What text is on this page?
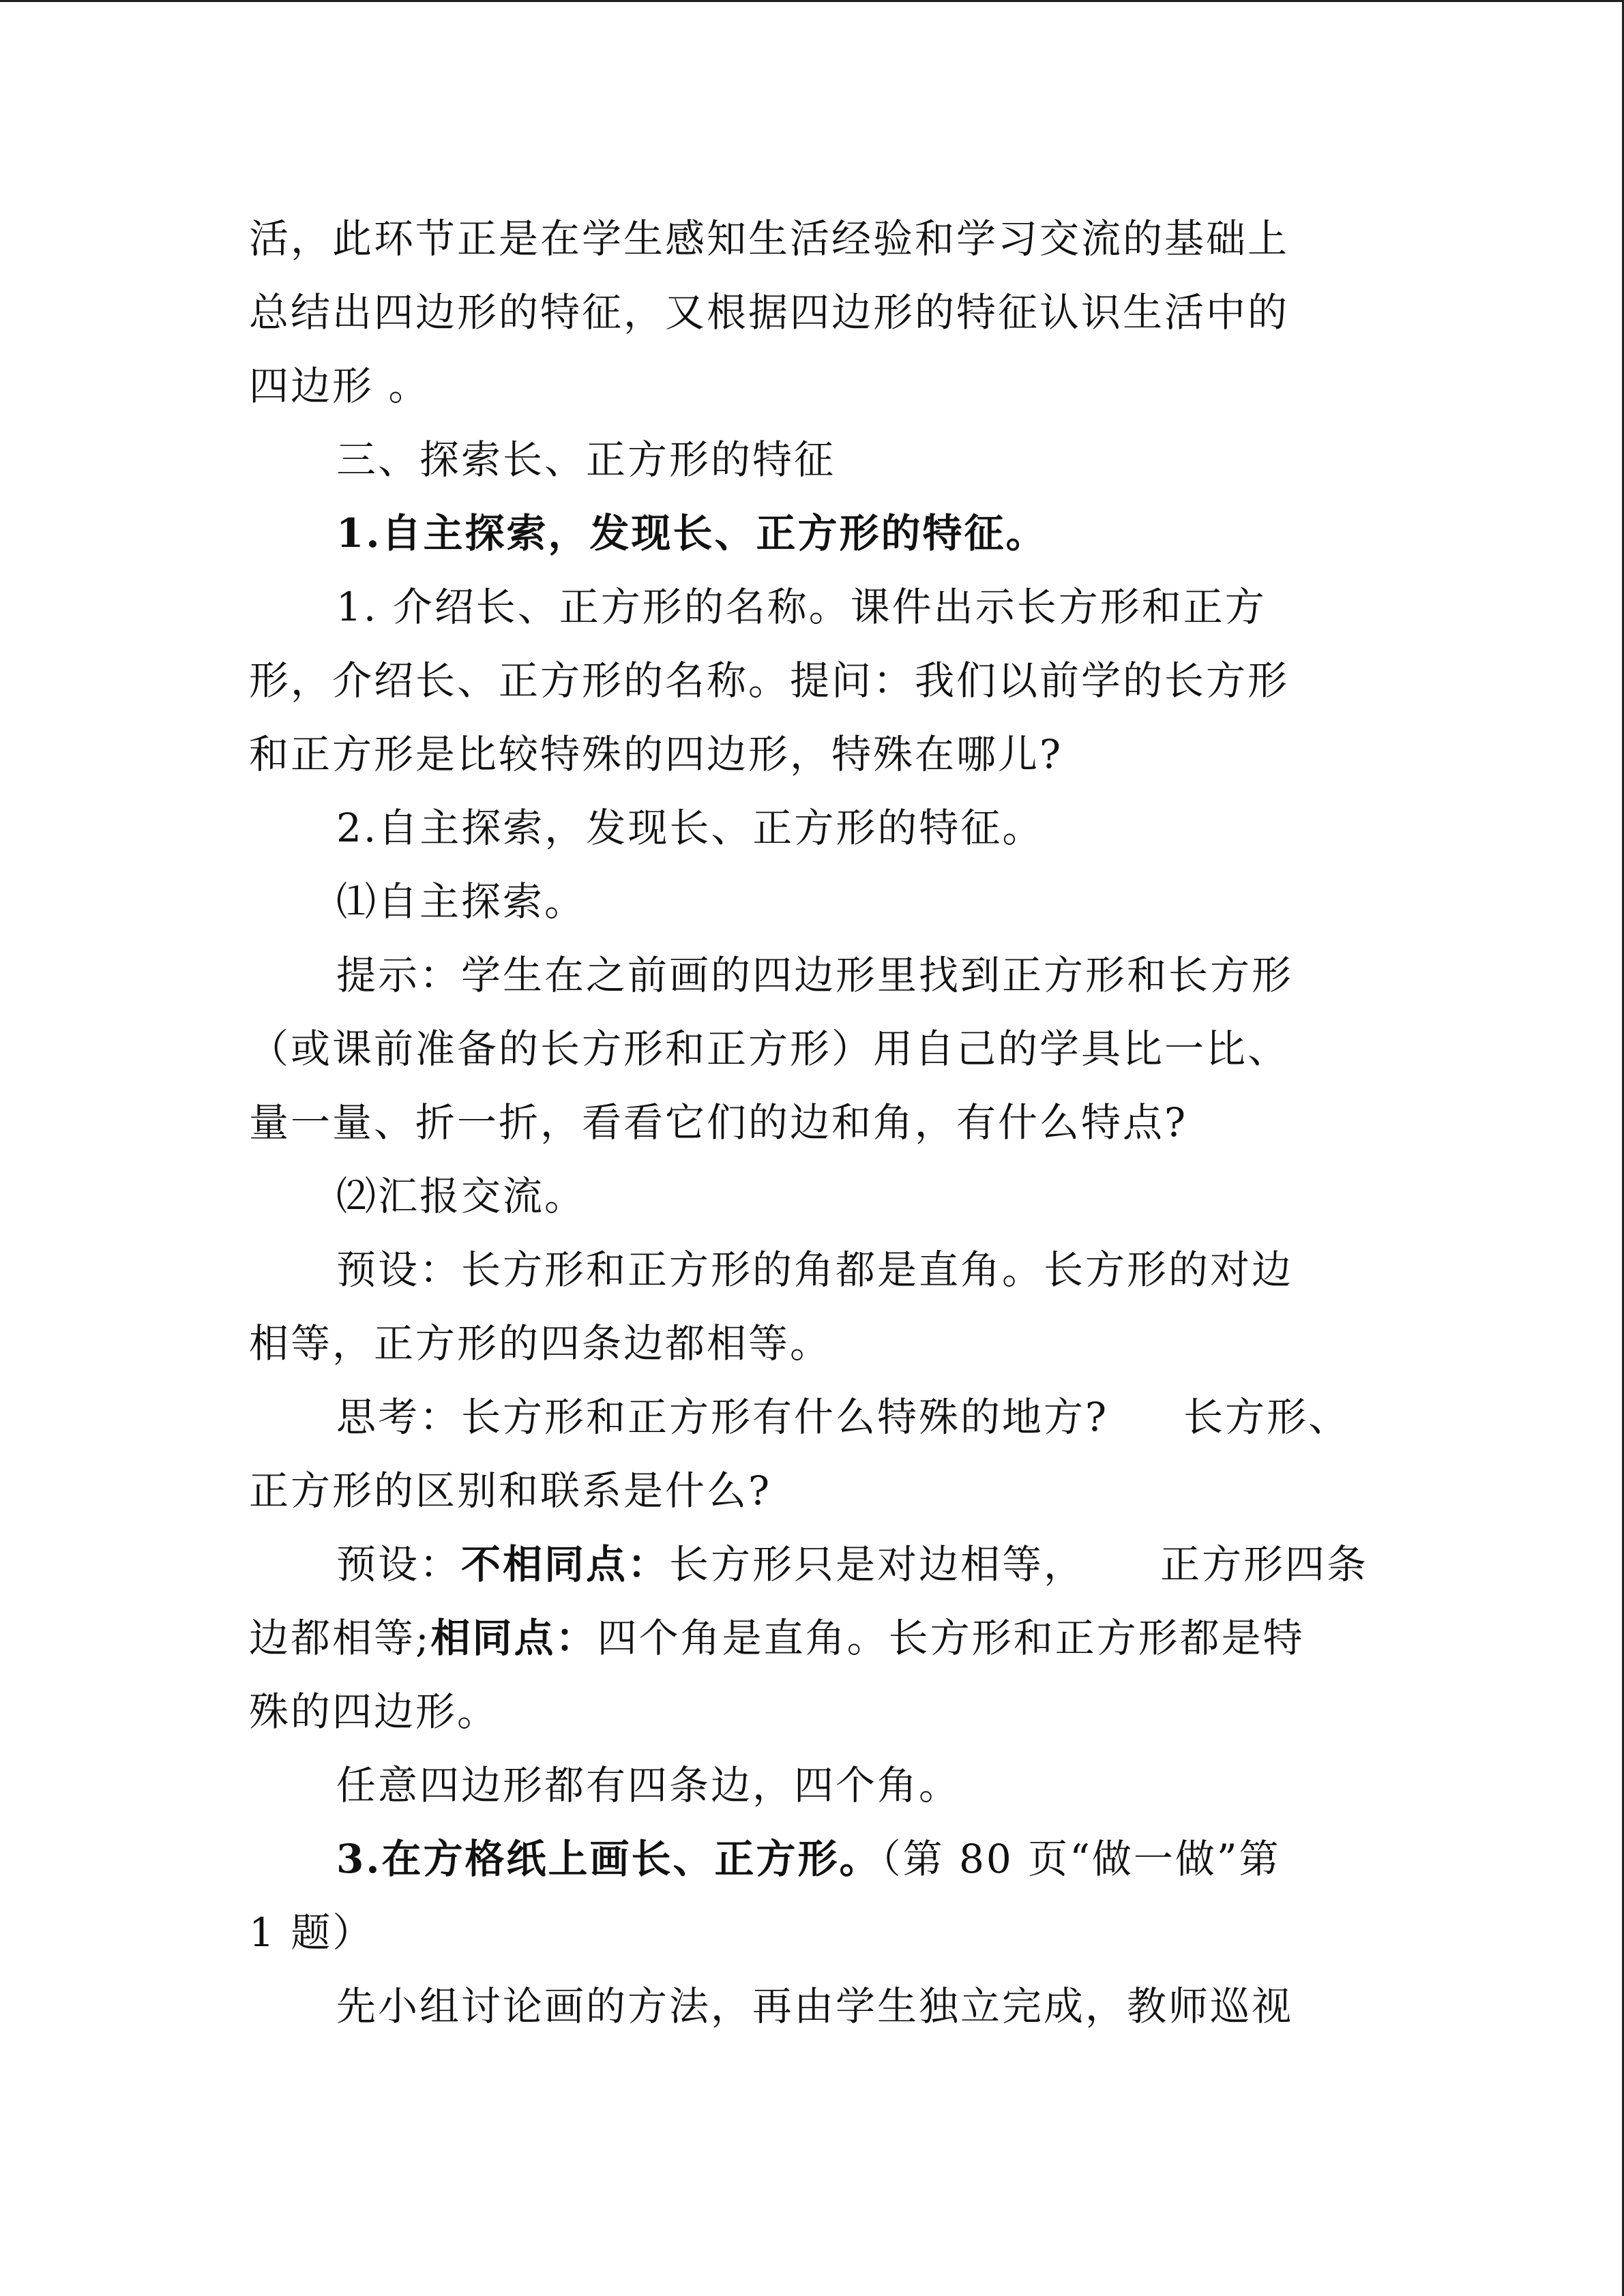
活，此环节正是在学生感知生活经验和学习交流的基础上
总结出四边形的特征，又根据四边形的特征认识生活中的
四边形 。
三、探索长、正方形的特征
1.自主探索，发现长、正方形的特征。
1. 介绍长、正方形的名称。课件出示长方形和正方
形，介绍长、正方形的名称。提问：我们以前学的长方形
和正方形是比较特殊的四边形，特殊在哪儿?
2.自主探索，发现长、正方形的特征。
⑴自主探索。
提示：学生在之前画的四边形里找到正方形和长方形
（或课前准备的长方形和正方形）用自己的学具比一比、
量一量、折一折，看看它们的边和角，有什么特点?
⑵汇报交流。
预设：长方形和正方形的角都是直角。长方形的对边
相等，正方形的四条边都相等。
思考：长方形和正方形有什么特殊的地方? 长方形、
正方形的区别和联系是什么?
预设：不相同点：长方形只是对边相等， 正方形四条
边都相等;相同点：四个角是直角。长方形和正方形都是特
殊的四边形。
任意四边形都有四条边，四个角。
3.在方格纸上画长、正方形。（第 80 页“做一做”第
1 题）
先小组讨论画的方法，再由学生独立完成，教师巡视
